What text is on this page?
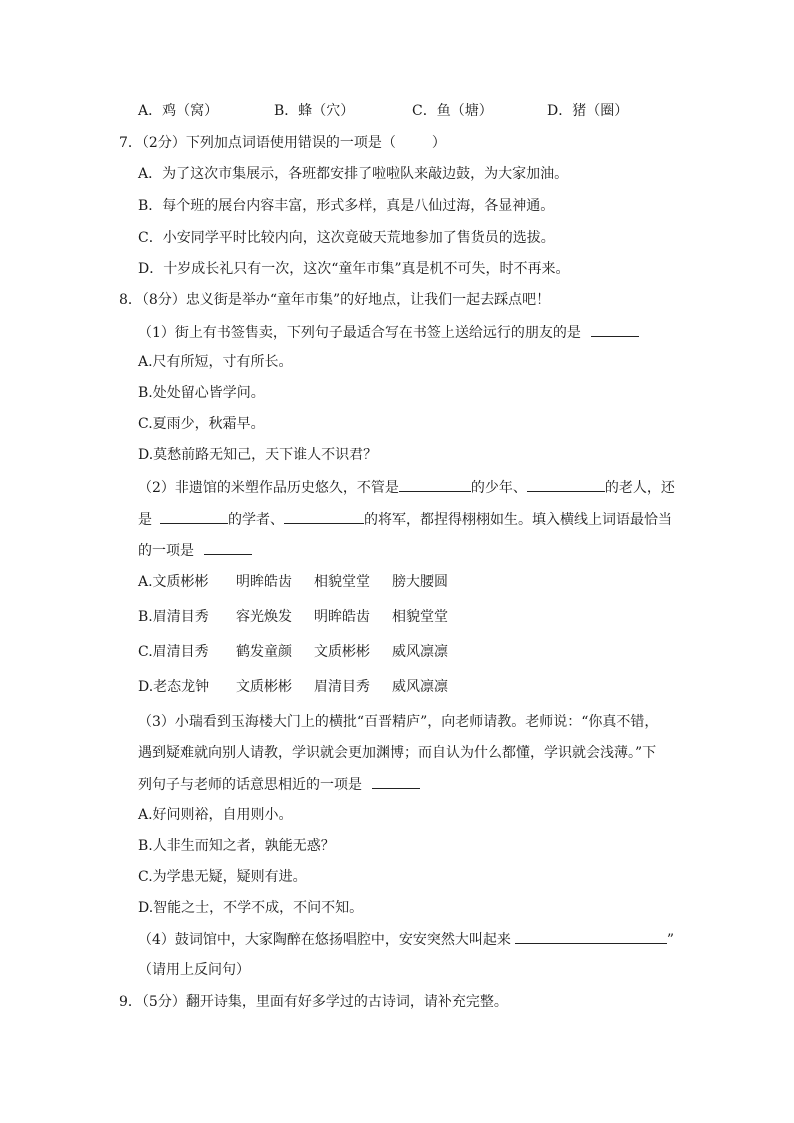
A．鸡（窝）	B．蜂（穴）	C．鱼（塘）	D．猪（圈）
7．（2分）下列加点词语使用错误的一项是（	）
A．为了这次市集展示，各班都安排了啦啦队来敲边鼓，为大家加油。
B．每个班的展台内容丰富，形式多样，真是八仙过海，各显神通。
C．小安同学平时比较内向，这次竟破天荒地参加了售货员的选拔。
D．十岁成长礼只有一次，这次“童年市集”真是机不可失，时不再来。
8．（8分）忠义街是举办“童年市集”的好地点，让我们一起去踩点吧！
（1）街上有书签售卖，下列句子最适合写在书签上送给远行的朋友的是
A.尺有所短，寸有所长。
B.处处留心皆学问。
C.夏雨少，秋霜早。
D.莫愁前路无知己，天下谁人不识君？
（2）非遗馆的米塑作品历史悠久，不管是	的少年、	的老人，还
是	的学者、	的将军，都捏得栩栩如生。填入横线上词语最恰当
的一项是
A.文质彬彬 明眸皓齿 相貌堂堂 膀大腰圆
B.眉清目秀 容光焕发 明眸皓齿 相貌堂堂
C.眉清目秀 鹤发童颜 文质彬彬 威风凛凛
D.老态龙钟 文质彬彬 眉清目秀 威风凛凛
（3）小瑞看到玉海楼大门上的横批“百晋精庐”，向老师请教。老师说：“你真不错，
遇到疑难就向别人请教，学识就会更加渊博；而自认为什么都懂，学识就会浅薄。”下
列句子与老师的话意思相近的一项是
A.好问则裕，自用则小。
B.人非生而知之者，孰能无惑？
C.为学患无疑，疑则有进。
D.智能之士，不学不成，不问不知。
（4）鼓词馆中，大家陶醉在悠扬唱腔中，安安突然大叫起来	”
（请用上反问句）
9．（5分）翻开诗集，里面有好多学过的古诗词，请补充完整。
